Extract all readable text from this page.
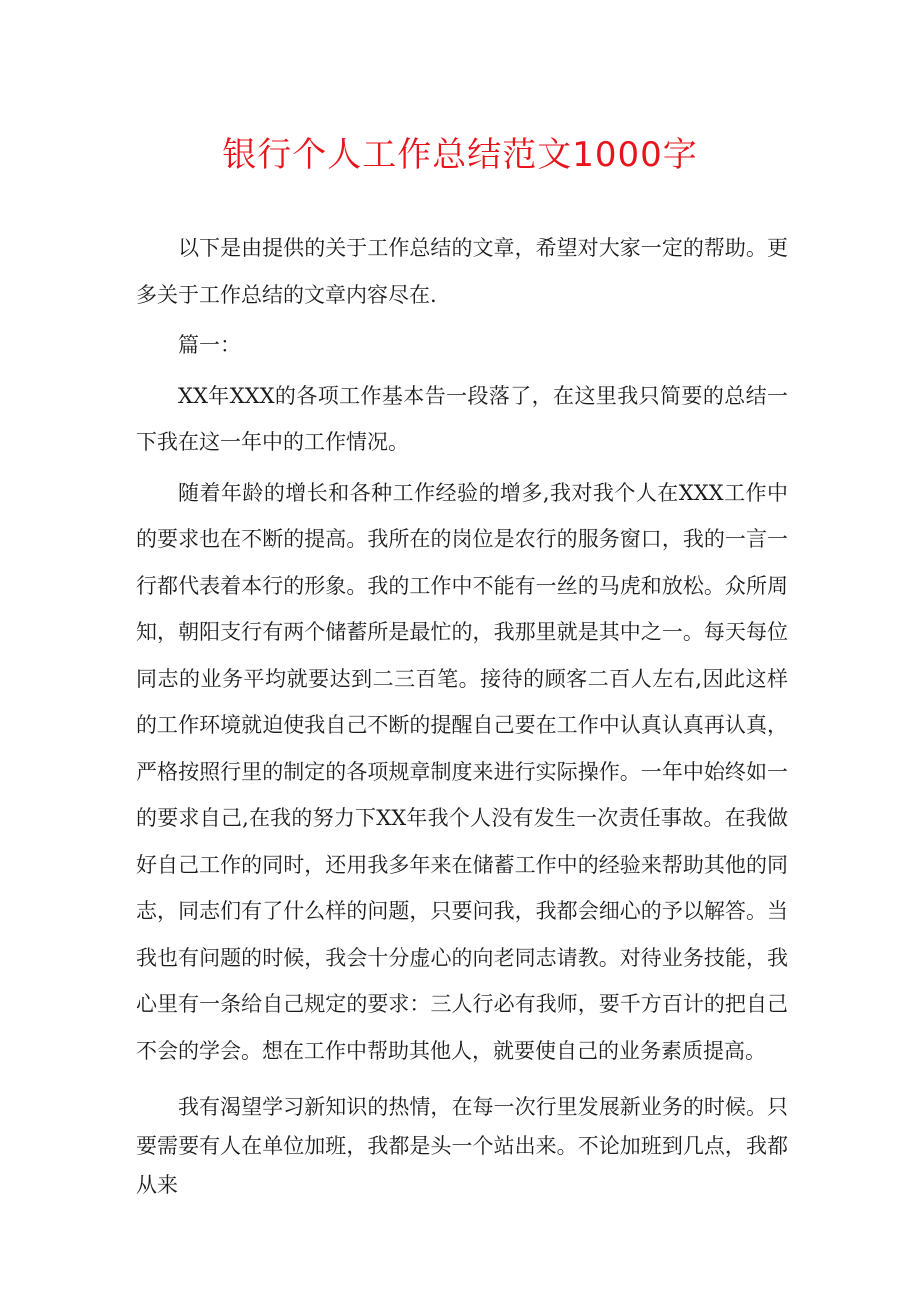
银行个人工作总结范文1000字

以下是由提供的关于工作总结的文章，希望对大家一定的帮助。更多关于工作总结的文章内容尽在.

篇一：

XX年XXX的各项工作基本告一段落了，在这里我只简要的总结一下我在这一年中的工作情况。

随着年龄的增长和各种工作经验的增多,我对我个人在XXX工作中的要求也在不断的提高。我所在的岗位是农行的服务窗口，我的一言一行都代表着本行的形象。我的工作中不能有一丝的马虎和放松。众所周知，朝阳支行有两个储蓄所是最忙的，我那里就是其中之一。每天每位同志的业务平均就要达到二三百笔。接待的顾客二百人左右,因此这样的工作环境就迫使我自己不断的提醒自己要在工作中认真认真再认真，严格按照行里的制定的各项规章制度来进行实际操作。一年中始终如一的要求自己,在我的努力下XX年我个人没有发生一次责任事故。在我做好自己工作的同时，还用我多年来在储蓄工作中的经验来帮助其他的同志，同志们有了什么样的问题，只要问我，我都会细心的予以解答。当我也有问题的时候，我会十分虚心的向老同志请教。对待业务技能，我心里有一条给自己规定的要求：三人行必有我师，要千方百计的把自己不会的学会。想在工作中帮助其他人，就要使自己的业务素质提高。

我有渴望学习新知识的热情，在每一次行里发展新业务的时候。只要需要有人在单位加班，我都是头一个站出来。不论加班到几点，我都从来
